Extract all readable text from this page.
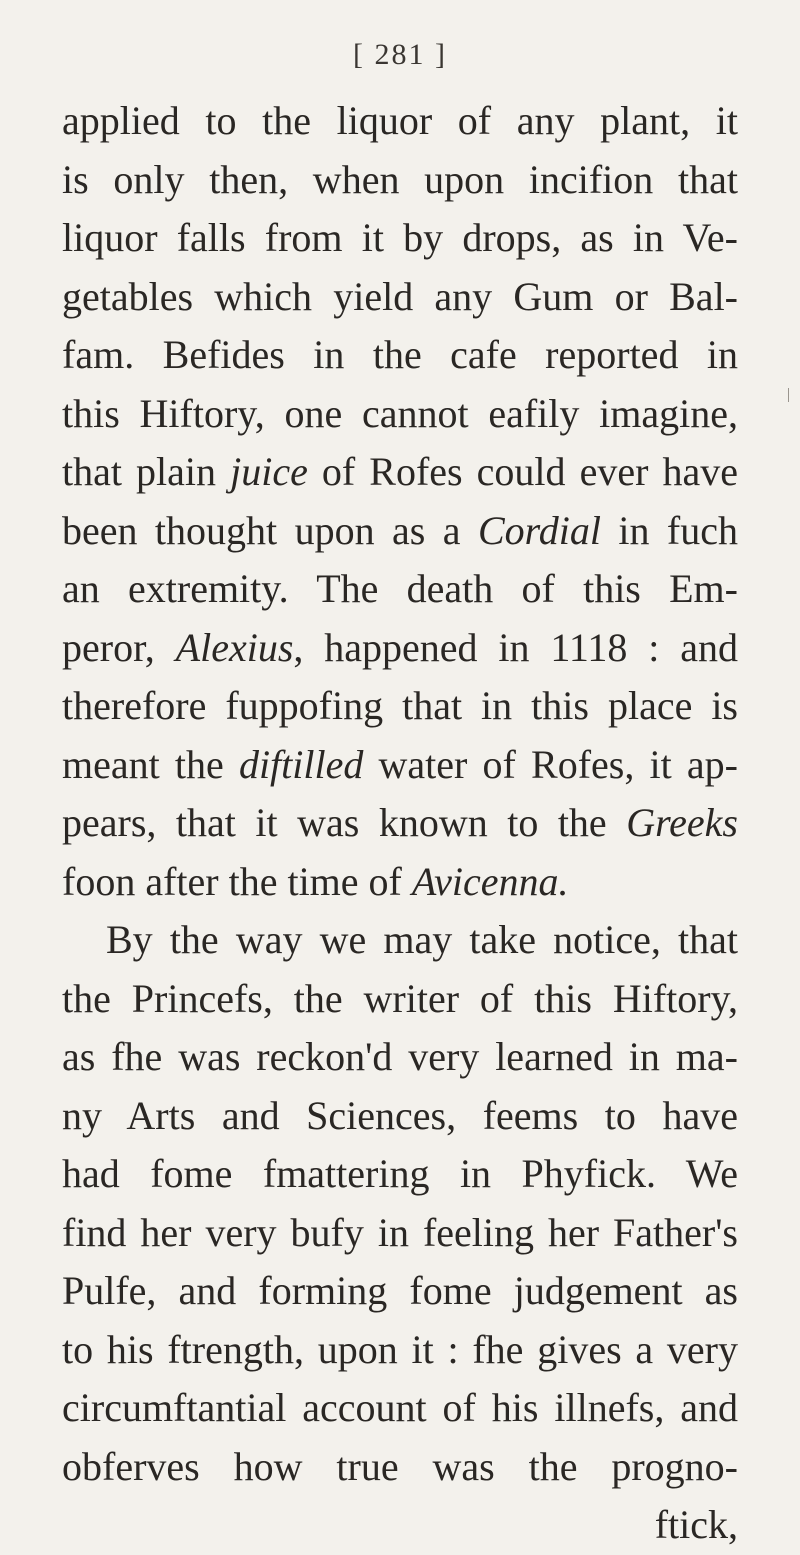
[ 281 ]
applied to the liquor of any plant, it
is only then, when upon incifion that
liquor falls from it by drops, as in Ve-
getables which yield any Gum or Bal-
fam. Befides in the cafe reported in
this Hiftory, one cannot eafily imagine,
that plain juice of Rofes could ever have
been thought upon as a Cordial in fuch
an extremity. The death of this Em-
peror, Alexius, happened in 1118 : and
therefore fuppofing that in this place is
meant the diftilled water of Rofes, it ap-
pears, that it was known to the Greeks
foon after the time of Avicenna.
By the way we may take notice, that
the Princefs, the writer of this Hiftory,
as fhe was reckon'd very learned in ma-
ny Arts and Sciences, feems to have
had fome fmattering in Phyfick. We
find her very bufy in feeling her Father's
Pulfe, and forming fome judgement as
to his ftrength, upon it : fhe gives a very
circumftantial account of his illnefs, and
obferves how true was the progno-
ftick,
